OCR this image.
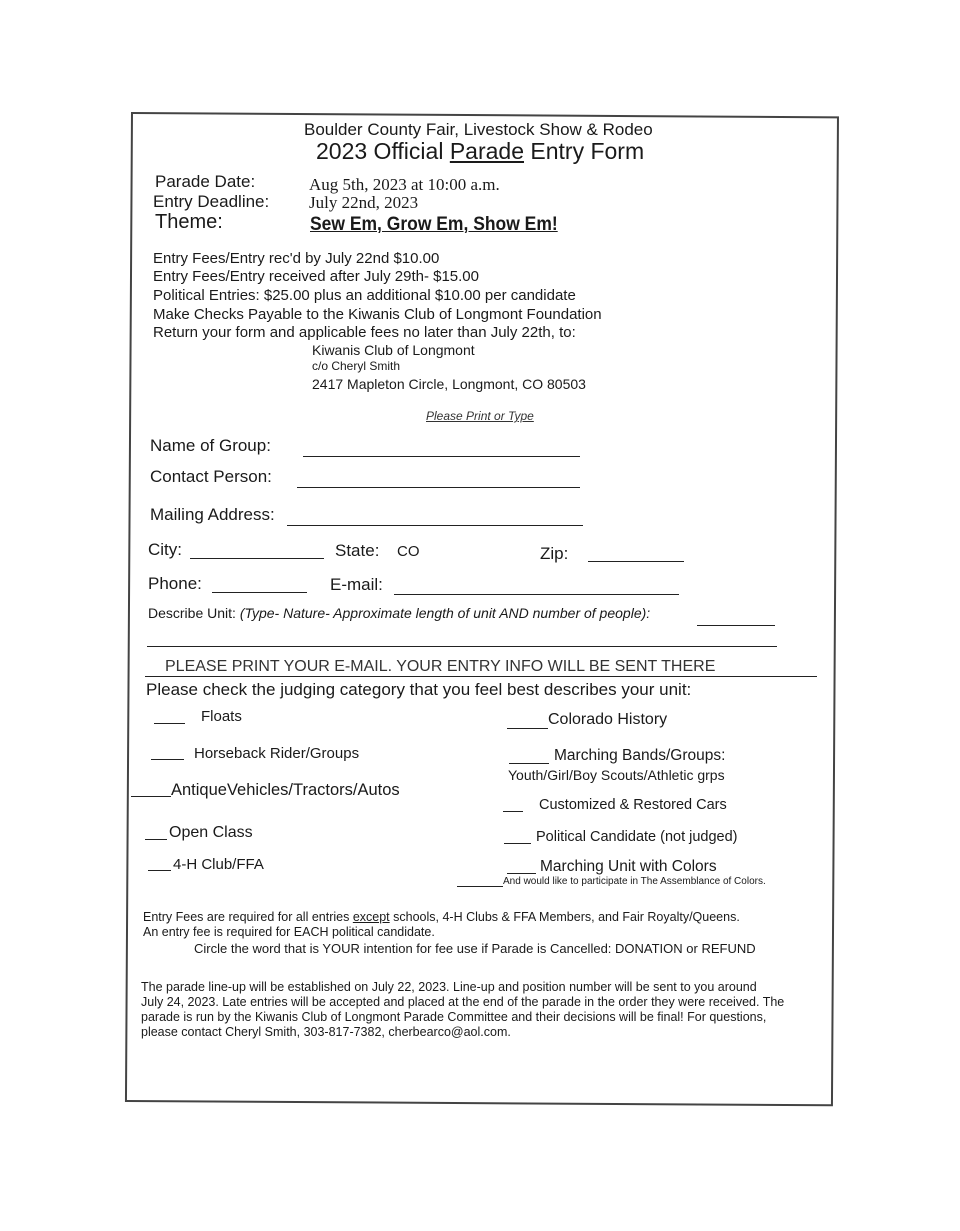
Boulder County Fair, Livestock Show & Rodeo
2023 Official Parade Entry Form
Parade Date:	Aug 5th, 2023 at 10:00 a.m.
Entry Deadline: July 22nd, 2023
Theme:	Sew Em, Grow Em, Show Em!
Entry Fees/Entry rec'd by July 22nd $10.00
Entry Fees/Entry received after July 29th- $15.00
Political Entries: $25.00 plus an additional $10.00 per candidate
Make Checks Payable to the Kiwanis Club of Longmont Foundation
Return your form and applicable fees no later than July 22th, to:
Kiwanis Club of Longmont
c/o Cheryl Smith
2417 Mapleton Circle, Longmont, CO 80503
Please Print or Type
Name of Group:
Contact Person:
Mailing Address:
City:	State: CO	Zip:
Phone:	E-mail:
Describe Unit: (Type- Nature- Approximate length of unit AND number of people):
PLEASE PRINT YOUR E-MAIL. YOUR ENTRY INFO WILL BE SENT THERE
Please check the judging category that you feel best describes your unit:
Floats
Horseback Rider/Groups
AntiqueVehicles/Tractors/Autos
Open Class
4-H Club/FFA
Colorado History
Marching Bands/Groups:
Youth/Girl/Boy Scouts/Athletic grps
Customized & Restored Cars
Political Candidate (not judged)
Marching Unit with Colors
And would like to participate in The Assemblance of Colors.
Entry Fees are required for all entries except schools, 4-H Clubs & FFA Members, and Fair Royalty/Queens.
An entry fee is required for EACH political candidate.
Circle the word that is YOUR intention for fee use if Parade is Cancelled: DONATION or REFUND
The parade line-up will be established on July 22, 2023. Line-up and position number will be sent to you around
July 24, 2023. Late entries will be accepted and placed at the end of the parade in the order they were received. The
parade is run by the Kiwanis Club of Longmont Parade Committee and their decisions will be final! For questions,
please contact Cheryl Smith, 303-817-7382, cherbearco@aol.com.
